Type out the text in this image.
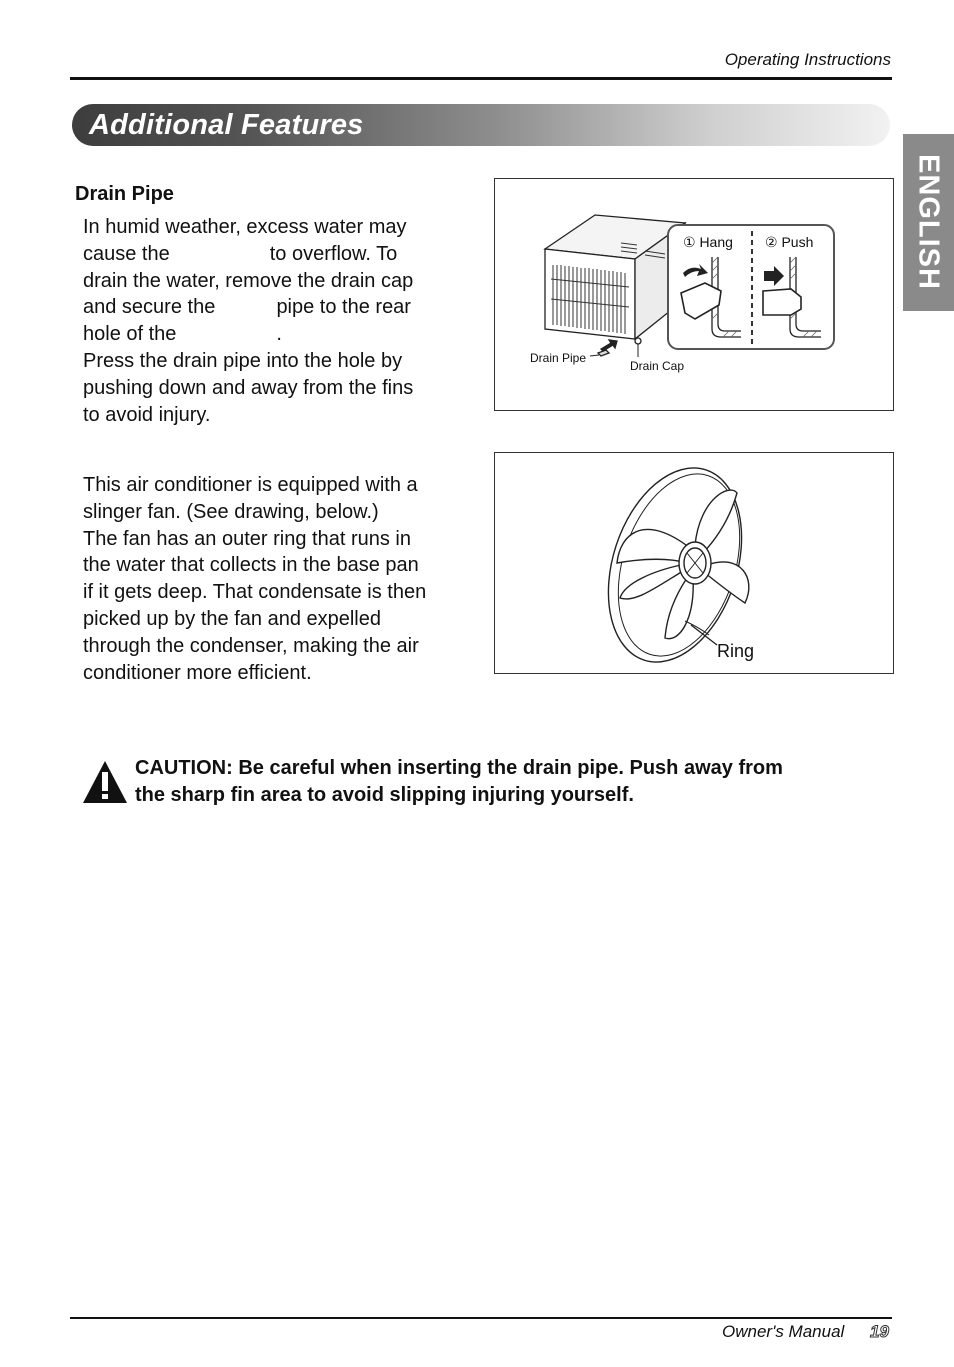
Operating Instructions
Additional Features
ENGLISH
Drain Pipe
In humid weather, excess water may
cause the                  to overflow. To
drain the water, remove the drain cap
and secure the           pipe to the rear
hole of the                  .
Press the drain pipe into the hole by
pushing down and away from the fins
to avoid injury.
Drain Pipe
Drain Cap
① Hang ② Push
This air conditioner is equipped with a
slinger fan. (See drawing, below.)
The fan has an outer ring that runs in
the water that collects in the base pan
if it gets deep. That condensate is then
picked up by the fan and expelled
through the condenser, making the air
conditioner more efficient.
Ring
CAUTION: Be careful when inserting the drain pipe. Push away from
the sharp fin area to avoid slipping injuring yourself.
Owner's Manual 19
